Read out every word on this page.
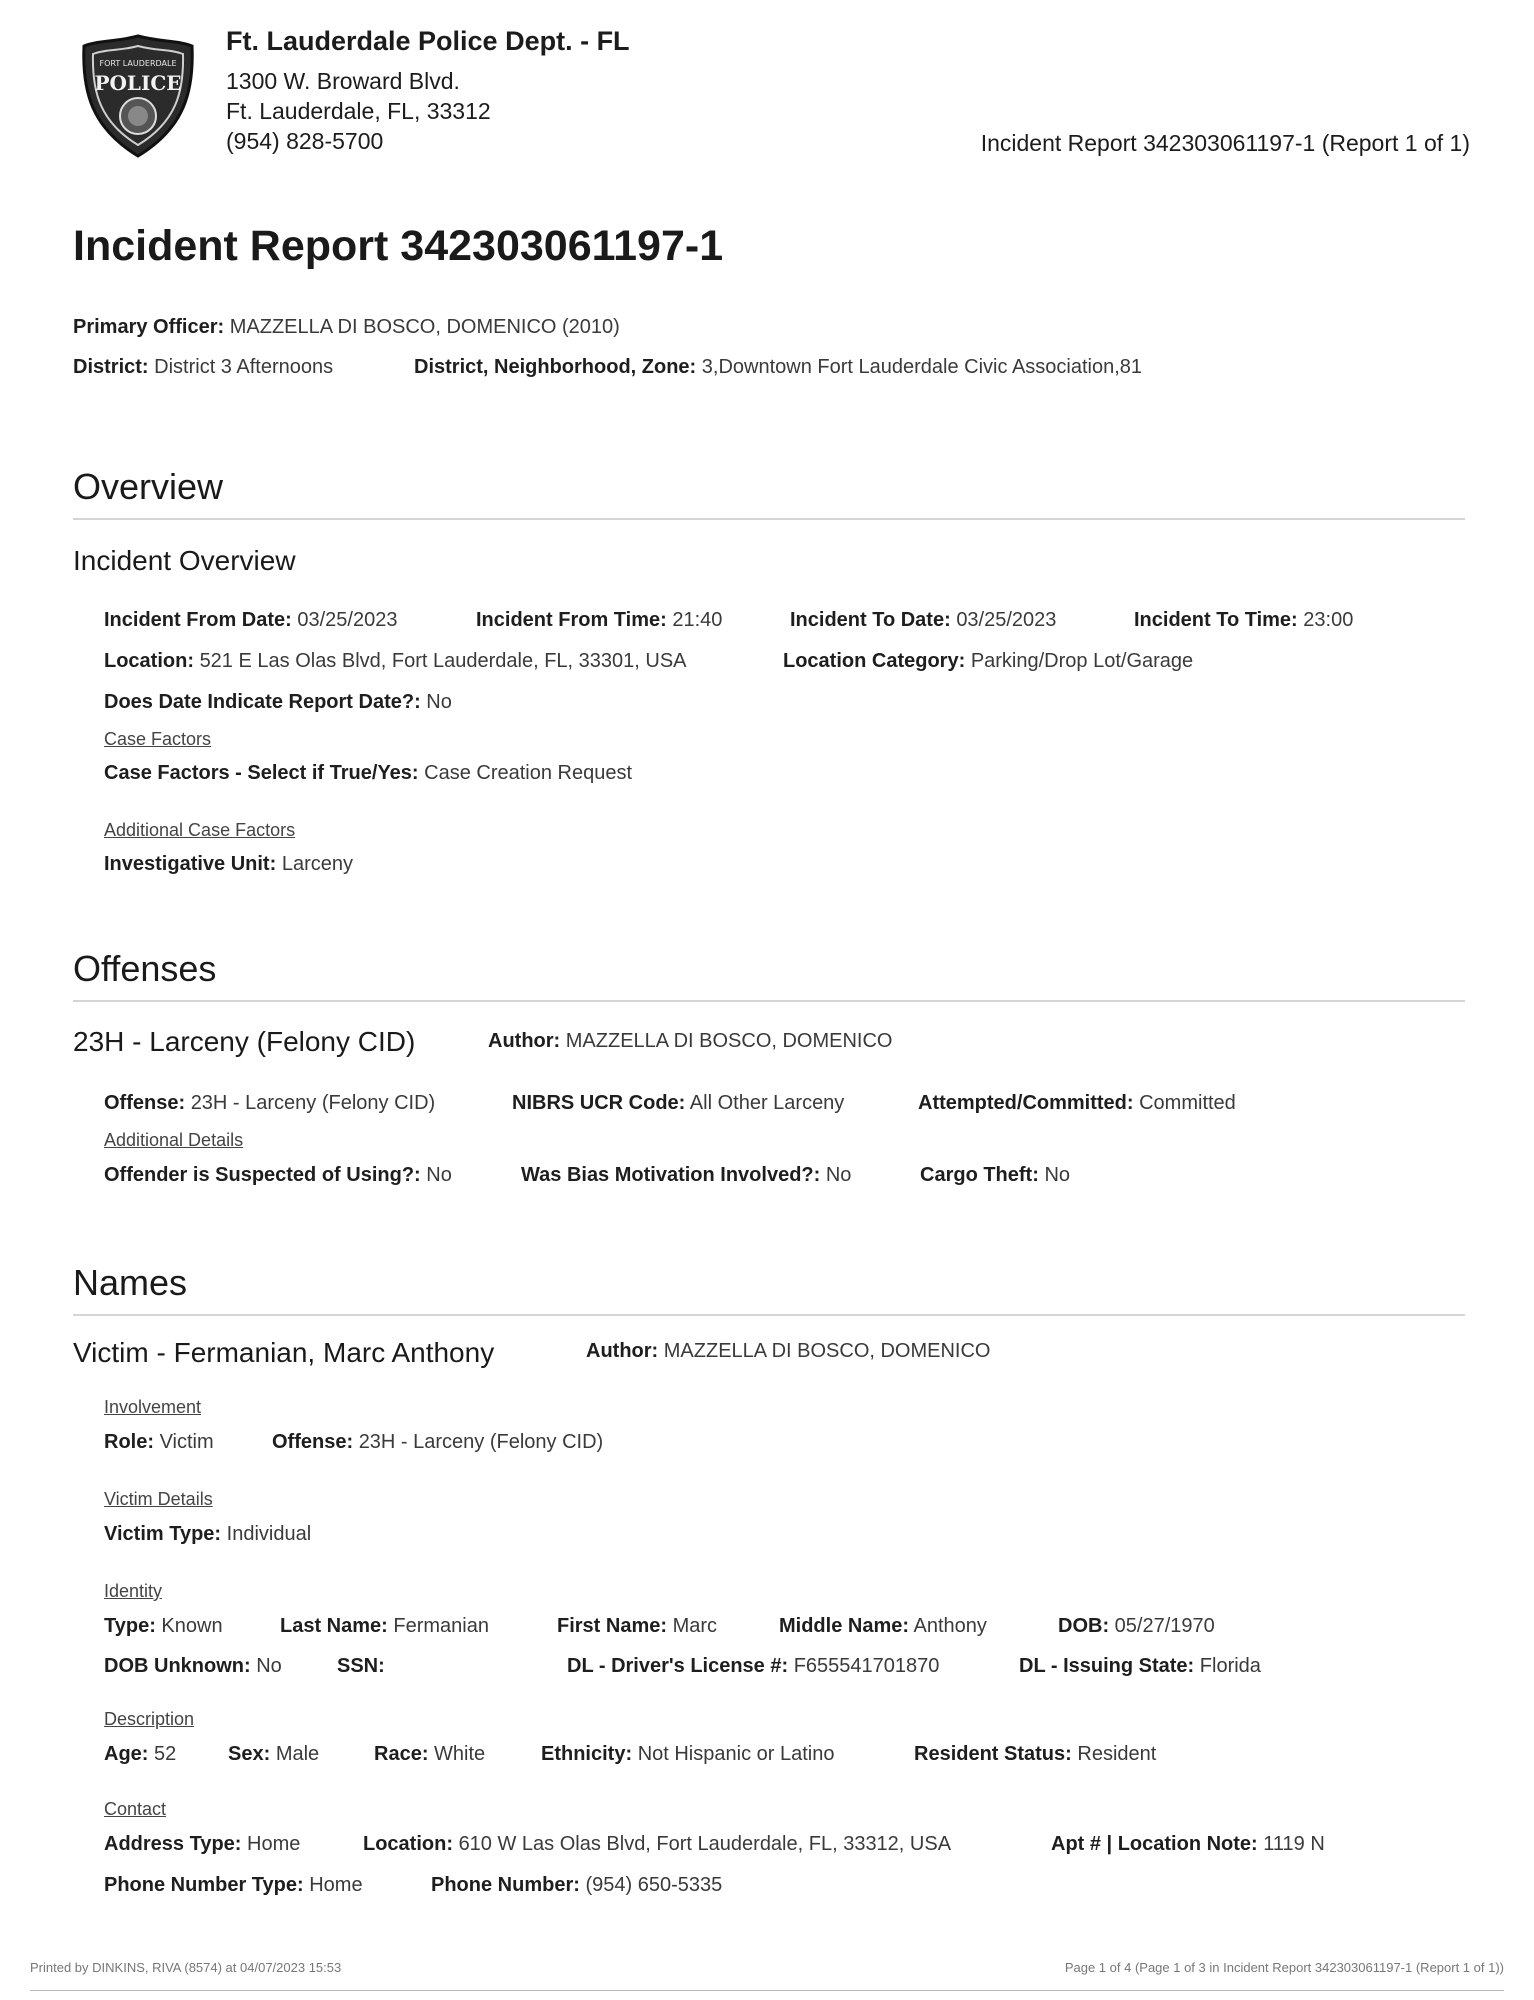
FORT LAUDERDALE
POLICE
Ft. Lauderdale Police Dept. - FL
1300 W. Broward Blvd.
Ft. Lauderdale, FL, 33312
(954) 828-5700	Incident Report 342303061197-1 (Report 1 of 1)
Incident Report 342303061197-1
Primary Officer: MAZZELLA DI BOSCO, DOMENICO (2010)
District: District 3 Afternoons	District, Neighborhood, Zone: 3,Downtown Fort Lauderdale Civic Association,81
Overview
Incident Overview
Incident From Date: 03/25/2023	Incident From Time: 21:40	Incident To Date: 03/25/2023	Incident To Time: 23:00
Location: 521 E Las Olas Blvd, Fort Lauderdale, FL, 33301, USA	Location Category: Parking/Drop Lot/Garage
Does Date Indicate Report Date?: No
Case Factors
Case Factors - Select if True/Yes: Case Creation Request
Additional Case Factors
Investigative Unit: Larceny
Offenses
23H - Larceny (Felony CID)	Author: MAZZELLA DI BOSCO, DOMENICO
Offense: 23H - Larceny (Felony CID)	NIBRS UCR Code: All Other Larceny	Attempted/Committed: Committed
Additional Details
Offender is Suspected of Using?: No	Was Bias Motivation Involved?: No	Cargo Theft: No
Names
Victim - Fermanian, Marc Anthony	Author: MAZZELLA DI BOSCO, DOMENICO
Involvement
Role: Victim	Offense: 23H - Larceny (Felony CID)
Victim Details
Victim Type: Individual
Identity
Type: Known	Last Name: Fermanian	First Name: Marc	Middle Name: Anthony	DOB: 05/27/1970
DOB Unknown: No	SSN:	DL - Driver's License #: F655541701870	DL - Issuing State: Florida
Description
Age: 52	Sex: Male	Race: White	Ethnicity: Not Hispanic or Latino	Resident Status: Resident
Contact
Address Type: Home	Location: 610 W Las Olas Blvd, Fort Lauderdale, FL, 33312, USA	Apt # | Location Note: 1119 N
Phone Number Type: Home	Phone Number: (954) 650-5335
Printed by DINKINS, RIVA (8574) at 04/07/2023 15:53	Page 1 of 4 (Page 1 of 3 in Incident Report 342303061197-1 (Report 1 of 1))
